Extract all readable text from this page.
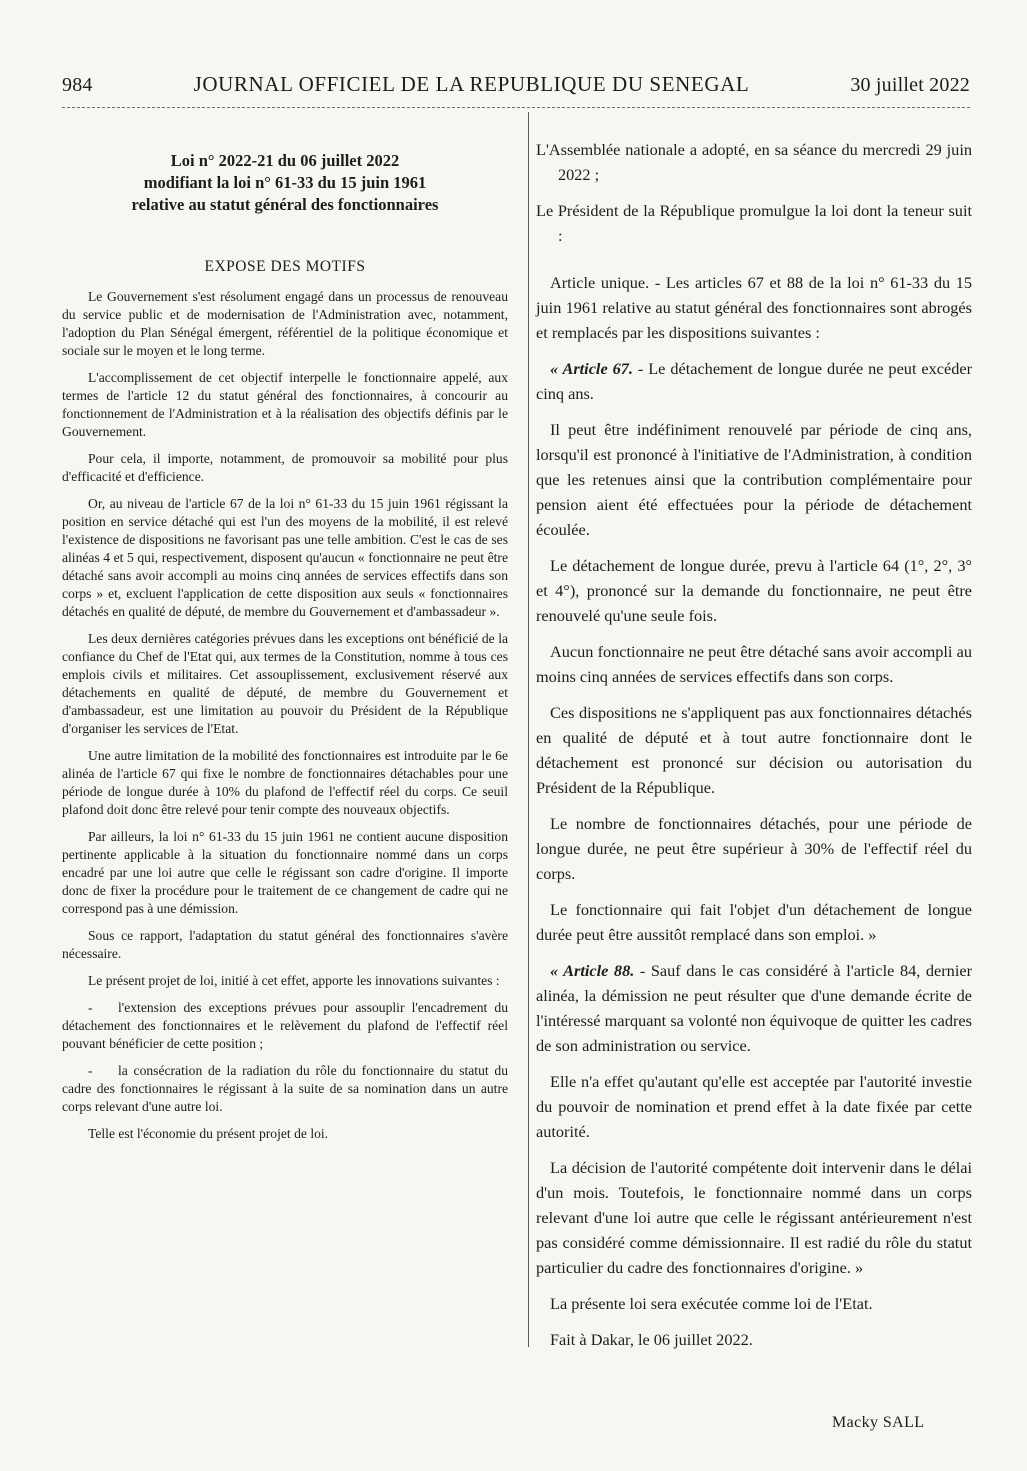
984	JOURNAL OFFICIEL DE LA REPUBLIQUE DU SENEGAL	30 juillet 2022
Loi n° 2022-21 du 06 juillet 2022
modifiant la loi n° 61-33 du 15 juin 1961
relative au statut général des fonctionnaires
EXPOSE DES MOTIFS

Le Gouvernement s'est résolument engagé dans un processus de renouveau du service public et de modernisation de l'Administration avec, notamment, l'adoption du Plan Sénégal émergent, référentiel de la politique économique et sociale sur le moyen et le long terme.

L'accomplissement de cet objectif interpelle le fonctionnaire appelé, aux termes de l'article 12 du statut général des fonctionnaires, à concourir au fonctionnement de l'Administration et à la réalisation des objectifs définis par le Gouvernement.

Pour cela, il importe, notamment, de promouvoir sa mobilité pour plus d'efficacité et d'efficience.

Or, au niveau de l'article 67 de la loi n° 61-33 du 15 juin 1961 régissant la position en service détaché qui est l'un des moyens de la mobilité, il est relevé l'existence de dispositions ne favorisant pas une telle ambition. C'est le cas de ses alinéas 4 et 5 qui, respectivement, disposent qu'aucun « fonctionnaire ne peut être détaché sans avoir accompli au moins cinq années de services effectifs dans son corps » et, excluent l'application de cette disposition aux seuls « fonctionnaires détachés en qualité de député, de membre du Gouvernement et d'ambassadeur ».

Les deux dernières catégories prévues dans les exceptions ont bénéficié de la confiance du Chef de l'Etat qui, aux termes de la Constitution, nomme à tous ces emplois civils et militaires. Cet assouplissement, exclusivement réservé aux détachements en qualité de député, de membre du Gouvernement et d'ambassadeur, est une limitation au pouvoir du Président de la République d'organiser les services de l'Etat.

Une autre limitation de la mobilité des fonctionnaires est introduite par le 6e alinéa de l'article 67 qui fixe le nombre de fonctionnaires détachables pour une période de longue durée à 10% du plafond de l'effectif réel du corps. Ce seuil plafond doit donc être relevé pour tenir compte des nouveaux objectifs.

Par ailleurs, la loi n° 61-33 du 15 juin 1961 ne contient aucune disposition pertinente applicable à la situation du fonctionnaire nommé dans un corps encadré par une loi autre que celle le régissant son cadre d'origine. Il importe donc de fixer la procédure pour le traitement de ce changement de cadre qui ne correspond pas à une démission.

Sous ce rapport, l'adaptation du statut général des fonctionnaires s'avère nécessaire.

Le présent projet de loi, initié à cet effet, apporte les innovations suivantes :

- l'extension des exceptions prévues pour assouplir l'encadrement du détachement des fonctionnaires et le relèvement du plafond de l'effectif réel pouvant bénéficier de cette position ;
- la consécration de la radiation du rôle du fonctionnaire du statut du cadre des fonctionnaires le régissant à la suite de sa nomination dans un autre corps relevant d'une autre loi.

Telle est l'économie du présent projet de loi.

L'Assemblée nationale a adopté, en sa séance du mercredi 29 juin 2022 ;

Le Président de la République promulgue la loi dont la teneur suit :

Article unique. - Les articles 67 et 88 de la loi n° 61-33 du 15 juin 1961 relative au statut général des fonctionnaires sont abrogés et remplacés par les dispositions suivantes :

« Article 67. - Le détachement de longue durée ne peut excéder cinq ans.

Il peut être indéfiniment renouvelé par période de cinq ans, lorsqu'il est prononcé à l'initiative de l'Administration, à condition que les retenues ainsi que la contribution complémentaire pour pension aient été effectuées pour la période de détachement écoulée.

Le détachement de longue durée, prevu à l'article 64 (1°, 2°, 3° et 4°), prononcé sur la demande du fonctionnaire, ne peut être renouvelé qu'une seule fois.

Aucun fonctionnaire ne peut être détaché sans avoir accompli au moins cinq années de services effectifs dans son corps.

Ces dispositions ne s'appliquent pas aux fonctionnaires détachés en qualité de député et à tout autre fonctionnaire dont le détachement est prononcé sur décision ou autorisation du Président de la République.

Le nombre de fonctionnaires détachés, pour une période de longue durée, ne peut être supérieur à 30% de l'effectif réel du corps.

Le fonctionnaire qui fait l'objet d'un détachement de longue durée peut être aussitôt remplacé dans son emploi. »

« Article 88. - Sauf dans le cas considéré à l'article 84, dernier alinéa, la démission ne peut résulter que d'une demande écrite de l'intéressé marquant sa volonté non équivoque de quitter les cadres de son administration ou service.

Elle n'a effet qu'autant qu'elle est acceptée par l'autorité investie du pouvoir de nomination et prend effet à la date fixée par cette autorité.

La décision de l'autorité compétente doit intervenir dans le délai d'un mois. Toutefois, le fonctionnaire nommé dans un corps relevant d'une loi autre que celle le régissant antérieurement n'est pas considéré comme démissionnaire. Il est radié du rôle du statut particulier du cadre des fonctionnaires d'origine. »

La présente loi sera exécutée comme loi de l'Etat.

Fait à Dakar, le 06 juillet 2022.

Macky SALL
